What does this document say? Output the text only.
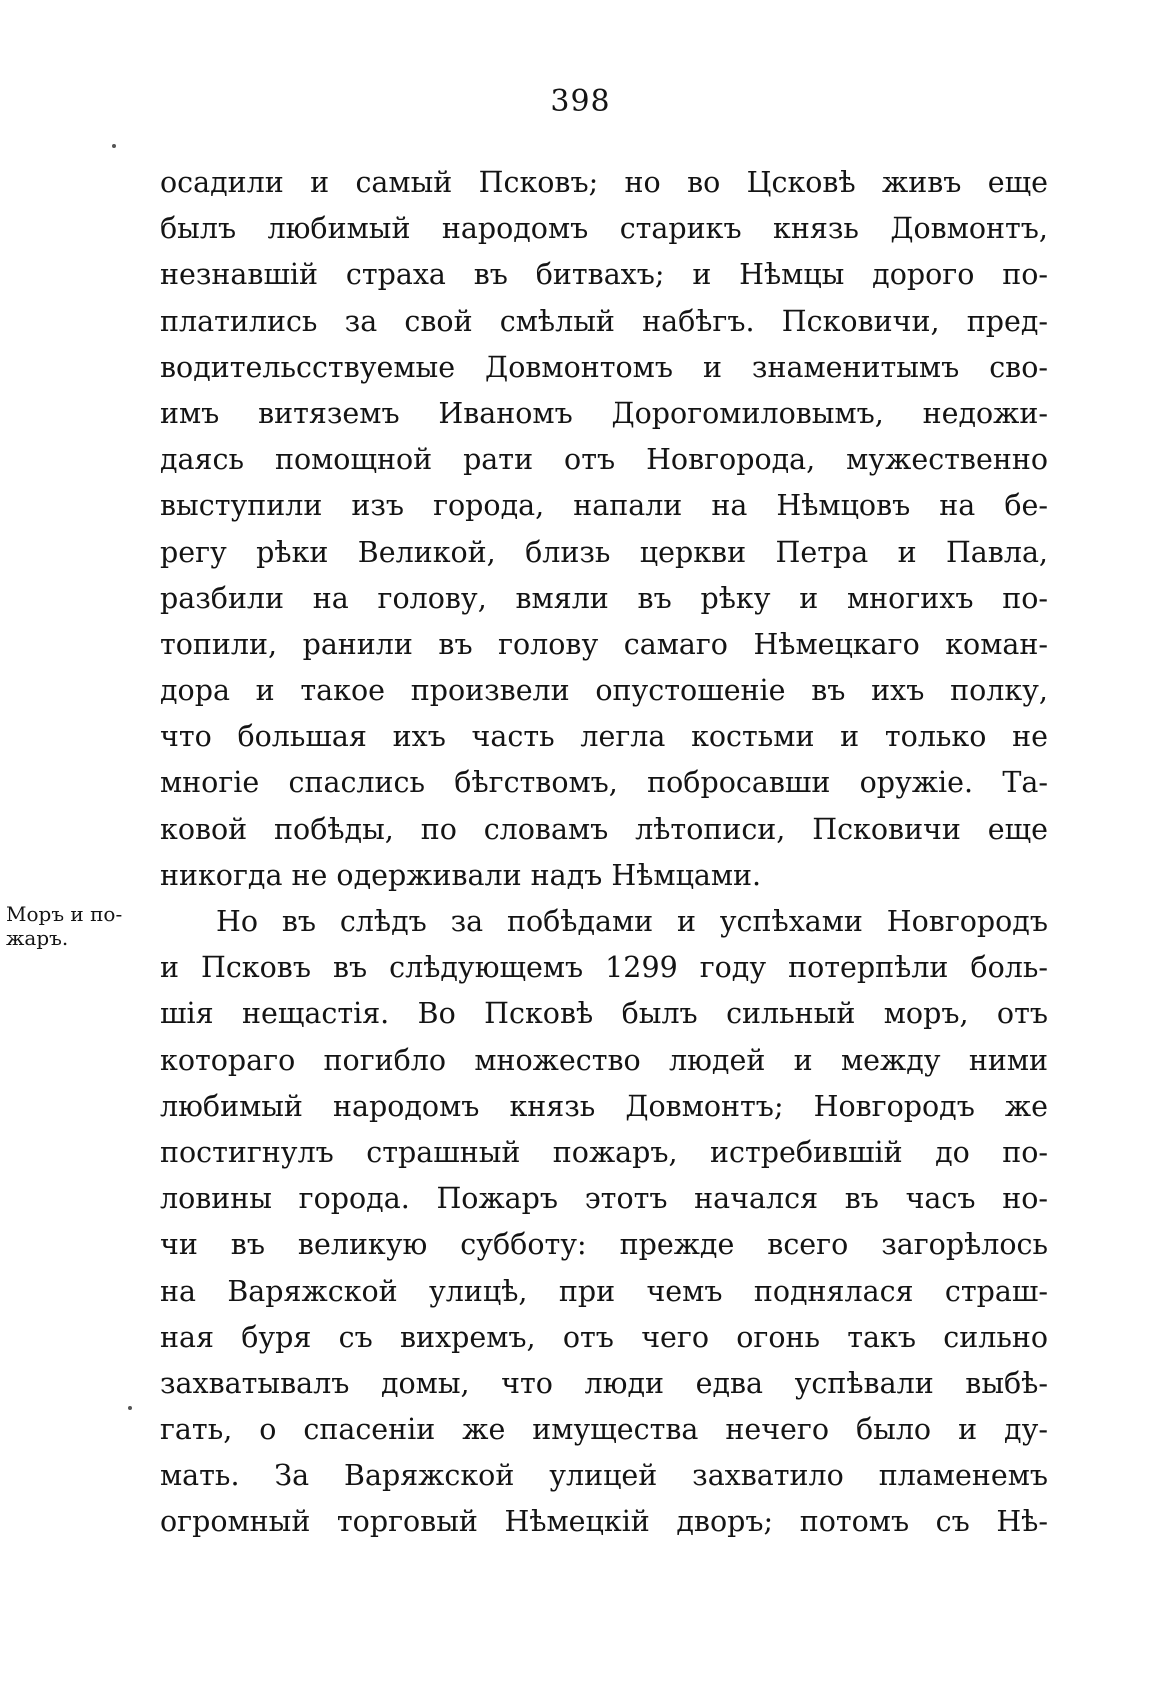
398
Моръ и по-
жаръ.
осадили и самый Псковъ; но во Цсковѣ живъ еще
былъ любимый народомъ старикъ князь Довмонтъ,
незнавшій страха въ битвахъ; и Нѣмцы дорого по-
платились за свой смѣлый набѣгъ. Псковичи, пред-
водительсствуемые Довмонтомъ и знаменитымъ сво-
имъ витяземъ Иваномъ Дорогомиловымъ, недожи-
даясь помощной рати отъ Новгорода, мужественно
выступили изъ города, напали на Нѣмцовъ на бе-
регу рѣки Великой, близь церкви Петра и Павла,
разбили на голову, вмяли въ рѣку и многихъ по-
топили, ранили въ голову самаго Нѣмецкаго коман-
дора и такое произвели опустошеніе въ ихъ полку,
что большая ихъ часть легла костьми и только не
многіе спаслись бѣгствомъ, побросавши оружіе. Та-
ковой побѣды, по словамъ лѣтописи, Псковичи еще
никогда не одерживали надъ Нѣмцами.
Но въ слѣдъ за побѣдами и успѣхами Новгородъ
и Псковъ въ слѣдующемъ 1299 году потерпѣли боль-
шія нещастія. Во Псковѣ былъ сильный моръ, отъ
котораго погибло множество людей и между ними
любимый народомъ князь Довмонтъ; Новгородъ же
постигнулъ страшный пожаръ, истребившій до по-
ловины города. Пожаръ этотъ начался въ часъ но-
чи въ великую субботу: прежде всего загорѣлось
на Варяжской улицѣ, при чемъ поднялася страш-
ная буря съ вихремъ, отъ чего огонь такъ сильно
захватывалъ домы, что люди едва успѣвали выбѣ-
гать, о спасеніи же имущества нечего было и ду-
мать. За Варяжской улицей захватило пламенемъ
огромный торговый Нѣмецкій дворъ; потомъ съ Нѣ-
